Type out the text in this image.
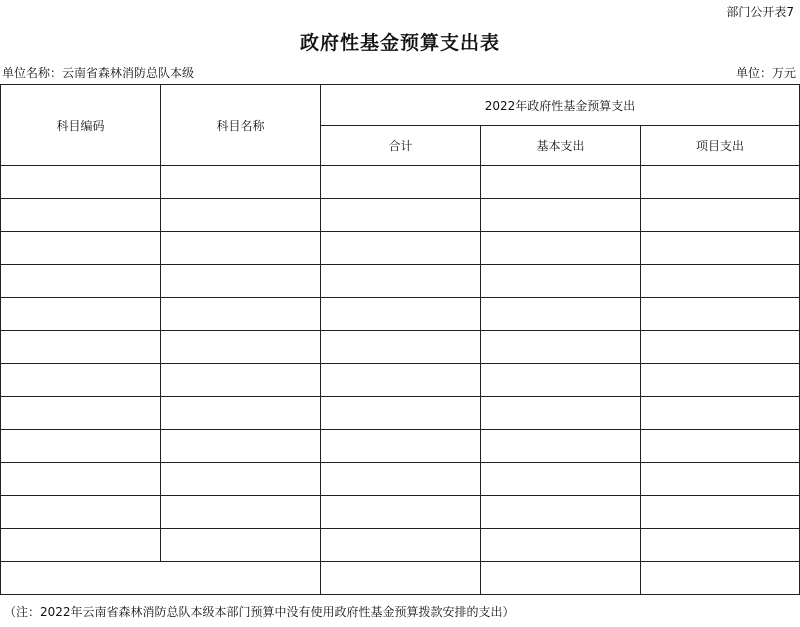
部门公开表7
政府性基金预算支出表
单位名称：云南省森林消防总队本级	单位：万元
科目编码	科目名称	2022年政府性基金预算支出		
		合计	基本支出	项目支出

（注：2022年云南省森林消防总队本级本部门预算中没有使用政府性基金预算拨款安排的支出）
